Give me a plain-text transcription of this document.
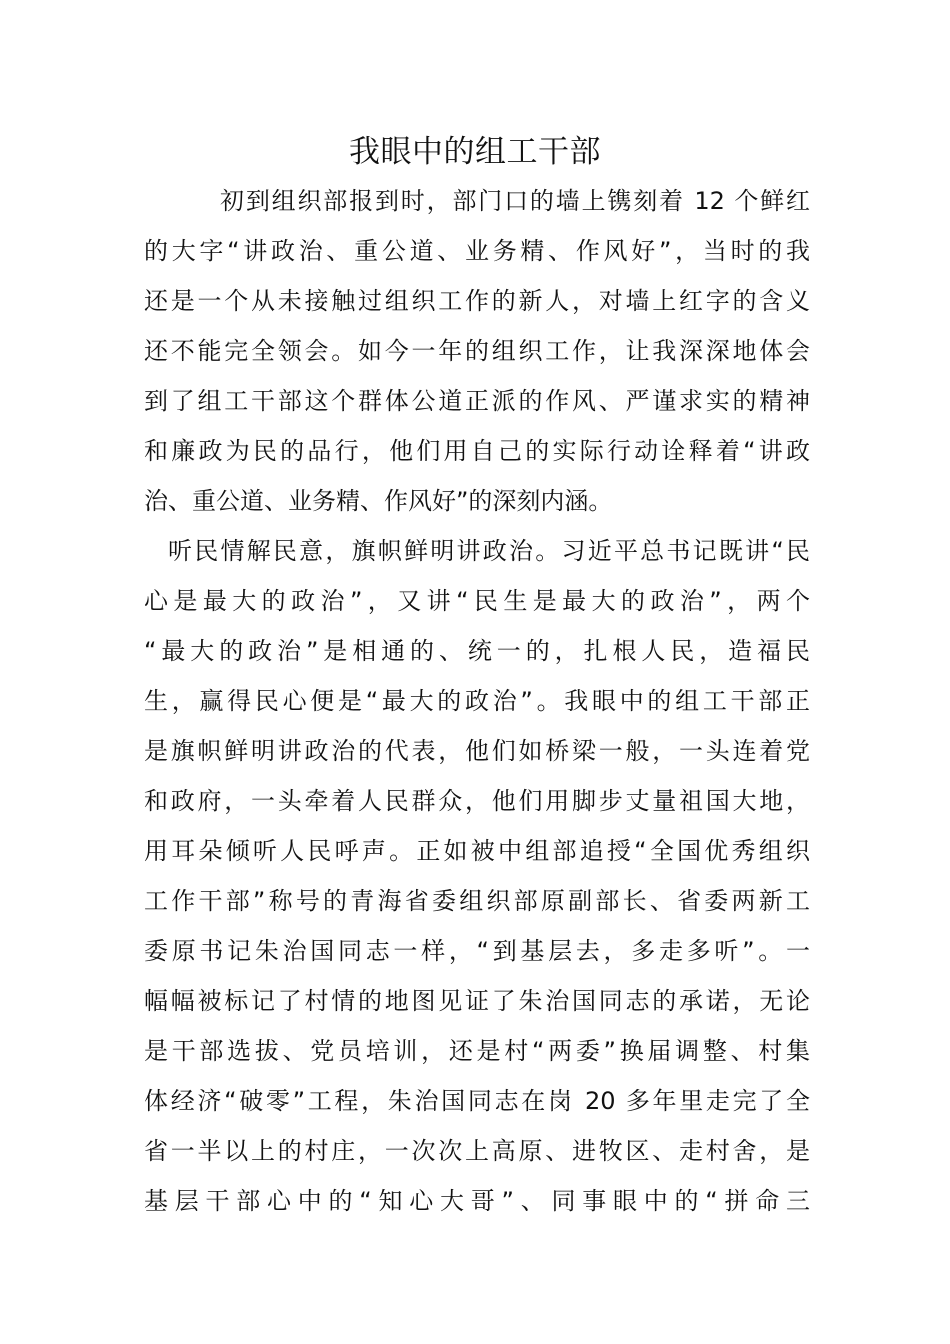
我眼中的组工干部
初到组织部报到时，部门口的墙上镌刻着 12 个鲜红
的大字“讲政治、重公道、业务精、作风好”，当时的我
还是一个从未接触过组织工作的新人，对墙上红字的含义
还不能完全领会。如今一年的组织工作，让我深深地体会
到了组工干部这个群体公道正派的作风、严谨求实的精神
和廉政为民的品行，他们用自己的实际行动诠释着“讲政
治、重公道、业务精、作风好”的深刻内涵。
听民情解民意，旗帜鲜明讲政治。习近平总书记既讲“民
心是最大的政治”，又讲“民生是最大的政治”，两个
“最大的政治”是相通的、统一的，扎根人民，造福民
生，赢得民心便是“最大的政治”。我眼中的组工干部正
是旗帜鲜明讲政治的代表，他们如桥梁一般，一头连着党
和政府，一头牵着人民群众，他们用脚步丈量祖国大地，
用耳朵倾听人民呼声。正如被中组部追授“全国优秀组织
工作干部”称号的青海省委组织部原副部长、省委两新工
委原书记朱治国同志一样，“到基层去，多走多听”。一
幅幅被标记了村情的地图见证了朱治国同志的承诺，无论
是干部选拔、党员培训，还是村“两委”换届调整、村集
体经济“破零”工程，朱治国同志在岗 20 多年里走完了全
省一半以上的村庄，一次次上高原、进牧区、走村舍，是
基层干部心中的“知心大哥”、同事眼中的“拼命三
